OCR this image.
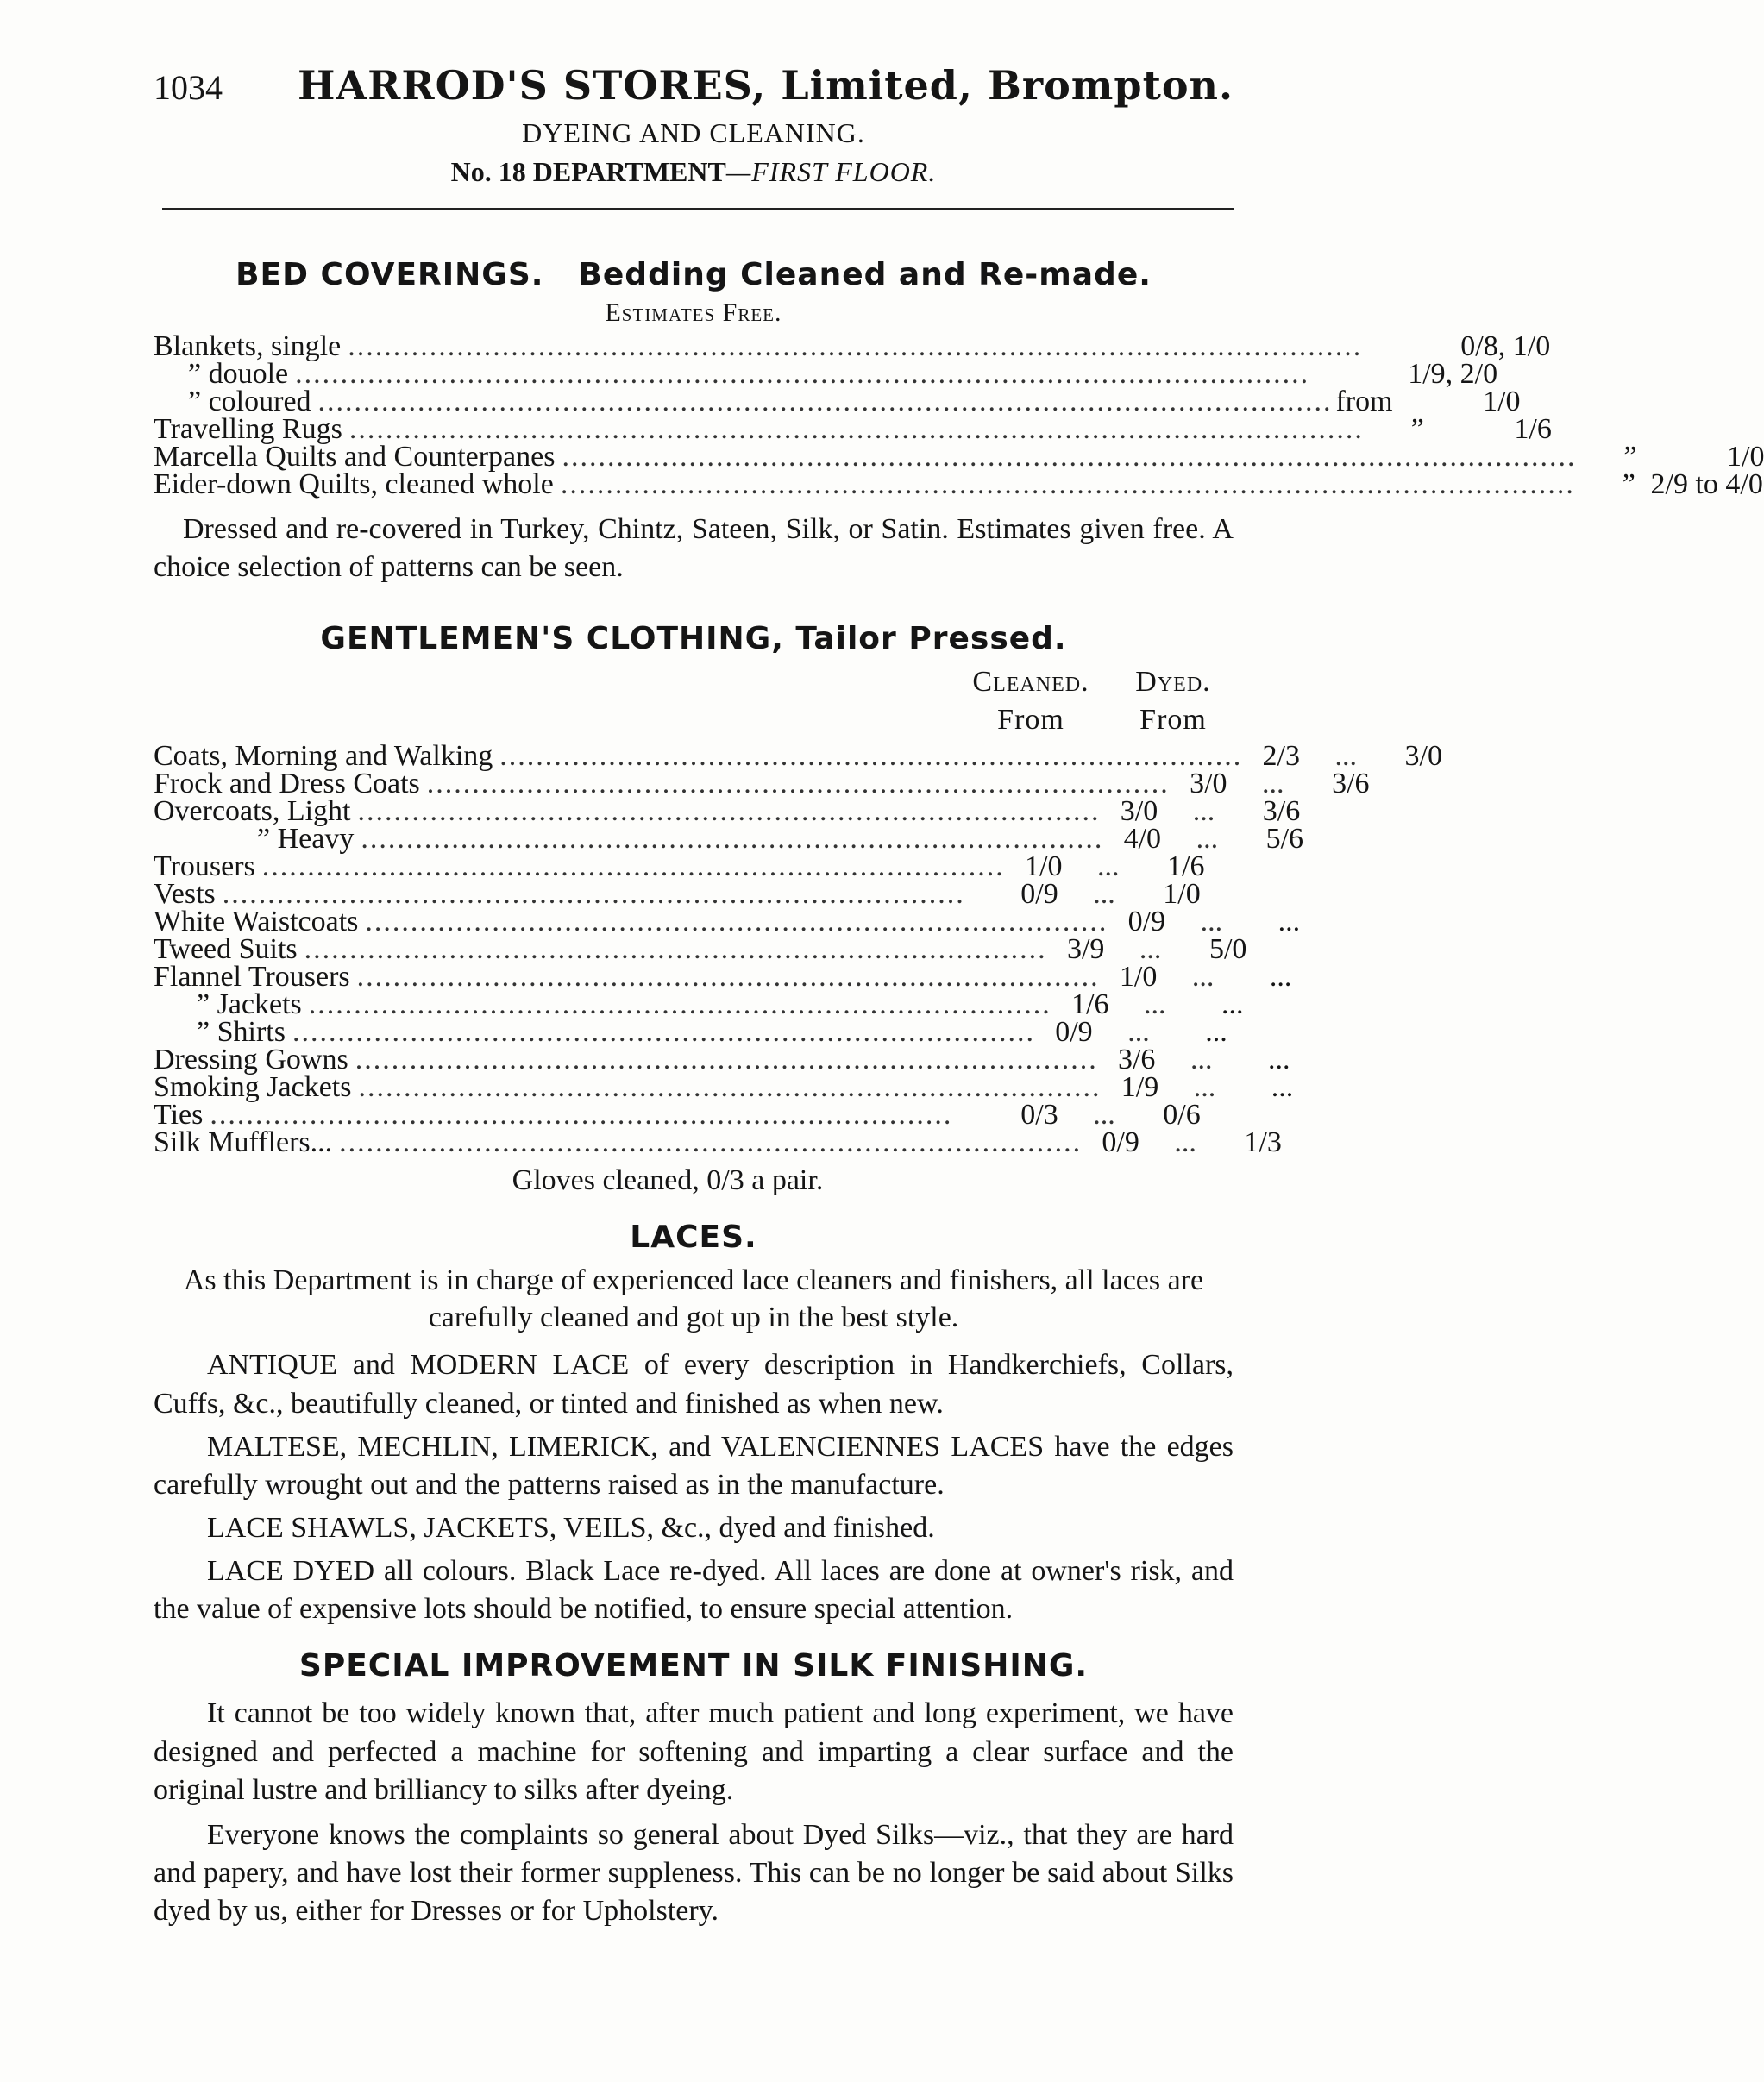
1034 HARROD'S STORES, Limited, Brompton.
DYEING AND CLEANING.
No. 18 DEPARTMENT—FIRST FLOOR.
BED COVERINGS. Bedding Cleaned and Re-made.
Estimates Free.
Blankets, single ................................................................................................................	0/8, 1/0
” douole ................................................................................................................	1/9, 2/0
” coloured ................................................................................................................ from	1/0
Travelling Rugs ................................................................................................................	”	1/6
Marcella Quilts and Counterpanes ................................................................................................................	”	1/0
Eider-down Quilts, cleaned whole ................................................................................................................	” 2/9 to 4/0

Dressed and re-covered in Turkey, Chintz, Sateen, Silk, or Satin. Estimates given free. A choice selection of patterns can be seen.

GENTLEMEN'S CLOTHING, Tailor Pressed.
Cleaned.	Dyed.
From	From
Coats, Morning and Walking .................................................................................. 2/3	...	3/0
Frock and Dress Coats .................................................................................. 3/0	...	3/6
Overcoats, Light .................................................................................. 3/0	...	3/6
” Heavy .................................................................................. 4/0	...	5/6
Trousers .................................................................................. 1/0	...	1/6
Vests ..................................................................................	0/9	...	1/0
White Waistcoats .................................................................................. 0/9	...	...
Tweed Suits .................................................................................. 3/9	...	5/0
Flannel Trousers .................................................................................. 1/0	...	...
” Jackets .................................................................................. 1/6	...	...
” Shirts .................................................................................. 0/9	...	...
Dressing Gowns .................................................................................. 3/6	...	...
Smoking Jackets .................................................................................. 1/9	...	...
Ties ..................................................................................	0/3	...	0/6
Silk Mufflers... .................................................................................. 0/9	...	1/3
Gloves cleaned, 0/3 a pair.
LACES.

As this Department is in charge of experienced lace cleaners and finishers, all laces are carefully cleaned and got up in the best style.

ANTIQUE and MODERN LACE of every description in Handkerchiefs, Collars, Cuffs, &c., beautifully cleaned, or tinted and finished as when new.

MALTESE, MECHLIN, LIMERICK, and VALENCIENNES LACES have the edges carefully wrought out and the patterns raised as in the manufacture.

LACE SHAWLS, JACKETS, VEILS, &c., dyed and finished.

LACE DYED all colours. Black Lace re-dyed. All laces are done at owner's risk, and the value of expensive lots should be notified, to ensure special attention.

SPECIAL IMPROVEMENT IN SILK FINISHING.

It cannot be too widely known that, after much patient and long experiment, we have designed and perfected a machine for softening and imparting a clear surface and the original lustre and brilliancy to silks after dyeing.

Everyone knows the complaints so general about Dyed Silks—viz., that they are hard and papery, and have lost their former suppleness. This can be no longer be said about Silks dyed by us, either for Dresses or for Upholstery.
